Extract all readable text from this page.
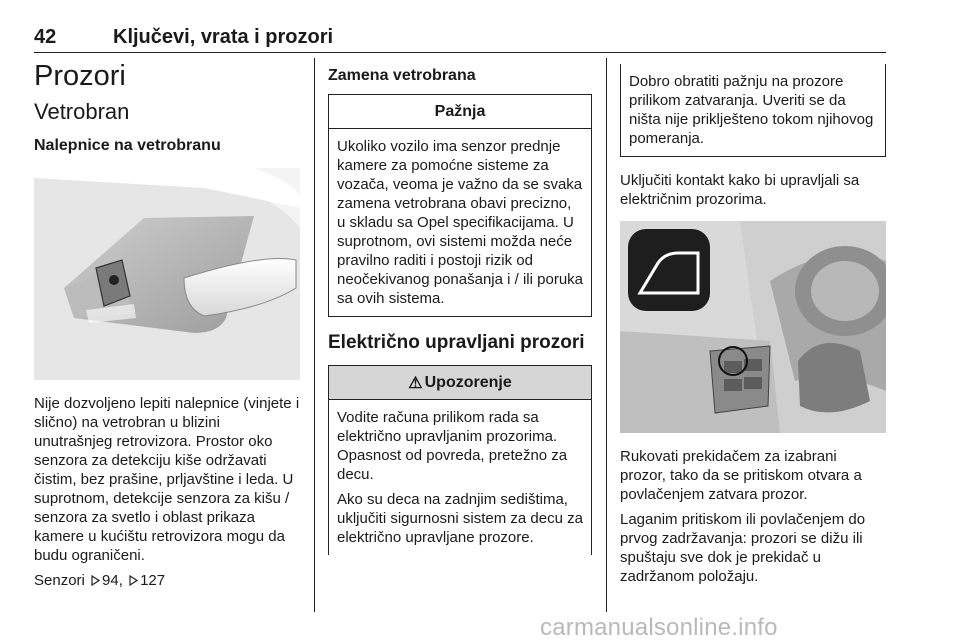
42	Ključevi, vrata i prozori
Prozori
Vetrobran
Nalepnice na vetrobranu

Nije dozvoljeno lepiti nalepnice (vinjete i slično) na vetrobran u blizini unutrašnjeg retrovizora. Prostor oko senzora za detekciju kiše održavati čistim, bez prašine, prljavštine i leda. U suprotnom, detekcije senzora za kišu / senzora za svetlo i oblast prikaza kamere u kućištu retrovizora mogu da budu ograničeni.

Senzori 94, 127

Zamena vetrobrana
Pažnja

Ukoliko vozilo ima senzor prednje kamere za pomoćne sisteme za vozača, veoma je važno da se svaka zamena vetrobrana obavi precizno, u skladu sa Opel specifikacijama. U suprotnom, ovi sistemi možda neće pravilno raditi i postoji rizik od neočekivanog ponašanja i / ili poruka sa ovih sistema.

Električno upravljani prozori
⚠ Upozorenje

Vodite računa prilikom rada sa električno upravljanim prozorima. Opasnost od povreda, pretežno za decu.

Ako su deca na zadnjim sedištima, uključiti sigurnosni sistem za decu za električno upravljane prozore.

Dobro obratiti pažnju na prozore prilikom zatvaranja. Uveriti se da ništa nije priklješteno tokom njihovog pomeranja.

Uključiti kontakt kako bi upravljali sa električnim prozorima.

Rukovati prekidačem za izabrani prozor, tako da se pritiskom otvara a povlačenjem zatvara prozor.

Laganim pritiskom ili povlačenjem do prvog zadržavanja: prozori se dižu ili spuštaju sve dok je prekidač u zadržanom položaju.

carmanualsonline.info
